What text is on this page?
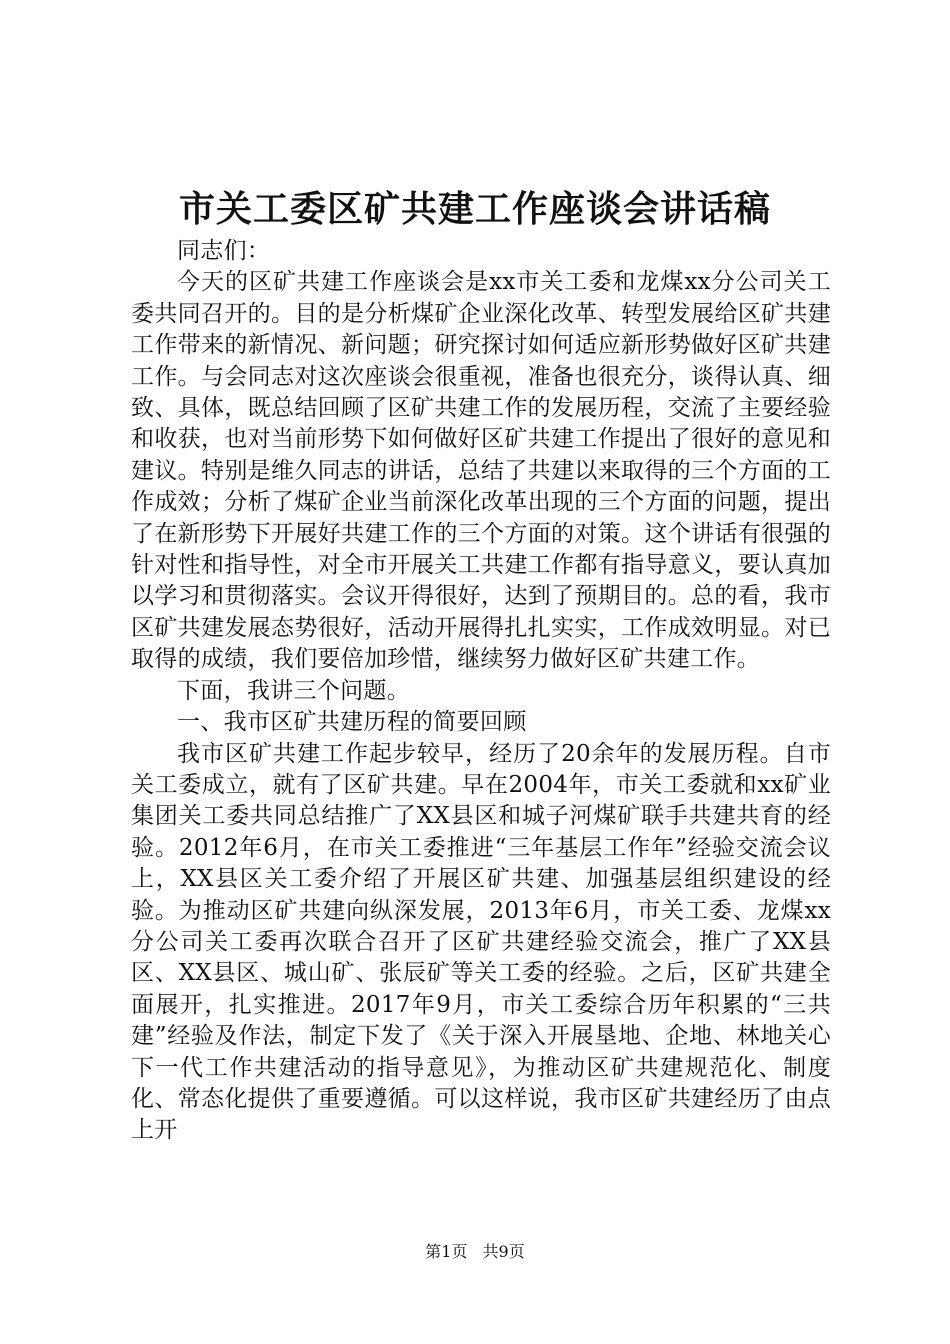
市关工委区矿共建工作座谈会讲话稿

同志们：

今天的区矿共建工作座谈会是xx市关工委和龙煤xx分公司关工委共同召开的。目的是分析煤矿企业深化改革、转型发展给区矿共建工作带来的新情况、新问题；研究探讨如何适应新形势做好区矿共建工作。与会同志对这次座谈会很重视，准备也很充分，谈得认真、细致、具体，既总结回顾了区矿共建工作的发展历程，交流了主要经验和收获，也对当前形势下如何做好区矿共建工作提出了很好的意见和建议。特别是维久同志的讲话，总结了共建以来取得的三个方面的工作成效；分析了煤矿企业当前深化改革出现的三个方面的问题，提出了在新形势下开展好共建工作的三个方面的对策。这个讲话有很强的针对性和指导性，对全市开展关工共建工作都有指导意义，要认真加以学习和贯彻落实。会议开得很好，达到了预期目的。总的看，我市区矿共建发展态势很好，活动开展得扎扎实实，工作成效明显。对已取得的成绩，我们要倍加珍惜，继续努力做好区矿共建工作。

下面，我讲三个问题。

一、我市区矿共建历程的简要回顾

我市区矿共建工作起步较早，经历了20余年的发展历程。自市关工委成立，就有了区矿共建。早在2004年，市关工委就和xx矿业集团关工委共同总结推广了XX县区和城子河煤矿联手共建共育的经验。2012年6月，在市关工委推进“三年基层工作年”经验交流会议上，XX县区关工委介绍了开展区矿共建、加强基层组织建设的经验。为推动区矿共建向纵深发展，2013年6月，市关工委、龙煤xx分公司关工委再次联合召开了区矿共建经验交流会，推广了XX县区、XX县区、城山矿、张辰矿等关工委的经验。之后，区矿共建全面展开，扎实推进。2017年9月，市关工委综合历年积累的“三共建”经验及作法，制定下发了《关于深入开展垦地、企地、林地关心下一代工作共建活动的指导意见》，为推动区矿共建规范化、制度化、常态化提供了重要遵循。可以这样说，我市区矿共建经历了由点上开

第1页 共9页
